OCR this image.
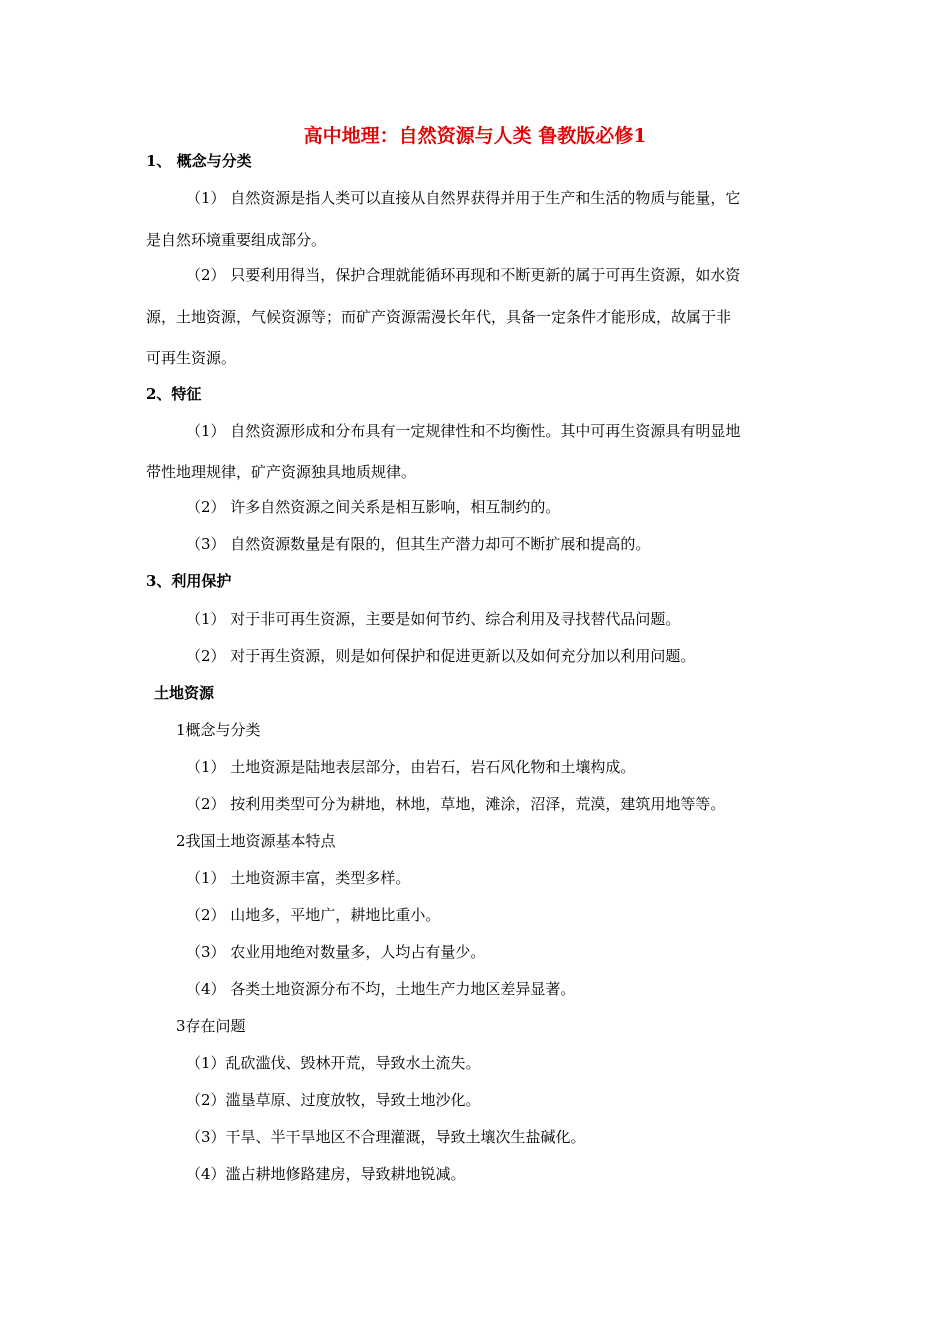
高中地理：自然资源与人类 鲁教版必修1
1、 概念与分类
（1） 自然资源是指人类可以直接从自然界获得并用于生产和生活的物质与能量，它
是自然环境重要组成部分。
（2） 只要利用得当，保护合理就能循环再现和不断更新的属于可再生资源，如水资
源，土地资源，气候资源等；而矿产资源需漫长年代，具备一定条件才能形成，故属于非
可再生资源。
2、特征
（1） 自然资源形成和分布具有一定规律性和不均衡性。其中可再生资源具有明显地
带性地理规律，矿产资源独具地质规律。
（2） 许多自然资源之间关系是相互影响，相互制约的。
（3） 自然资源数量是有限的，但其生产潜力却可不断扩展和提高的。
3、利用保护
（1） 对于非可再生资源，主要是如何节约、综合利用及寻找替代品问题。
（2） 对于再生资源，则是如何保护和促进更新以及如何充分加以利用问题。
土地资源
1概念与分类
（1） 土地资源是陆地表层部分，由岩石，岩石风化物和土壤构成。
（2） 按利用类型可分为耕地，林地，草地，滩涂，沼泽，荒漠，建筑用地等等。
2我国土地资源基本特点
（1） 土地资源丰富，类型多样。
（2） 山地多，平地广，耕地比重小。
（3） 农业用地绝对数量多，人均占有量少。
（4） 各类土地资源分布不均，土地生产力地区差异显著。
3存在问题
（1）乱砍滥伐、毁林开荒，导致水土流失。
（2）滥垦草原、过度放牧，导致土地沙化。
（3）干旱、半干旱地区不合理灌溉，导致土壤次生盐碱化。
（4）滥占耕地修路建房，导致耕地锐减。
